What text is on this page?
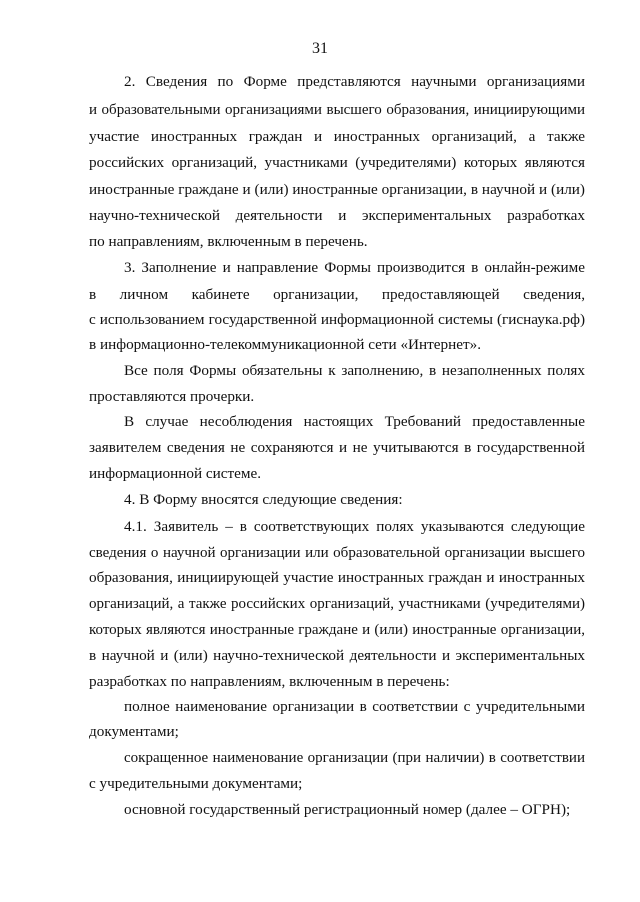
31
2. Сведения по Форме представляются научными организациями
и образовательными организациями высшего образования, инициирующими
участие иностранных граждан и иностранных организаций, а также
российских организаций, участниками (учредителями) которых являются
иностранные граждане и (или) иностранные организации, в научной и (или)
научно-технической деятельности и экспериментальных разработках
по направлениям, включенным в перечень.
3. Заполнение и направление Формы производится в онлайн-режиме
в личном кабинете организации, предоставляющей сведения,
с использованием государственной информационной системы (гиснаука.рф)
в информационно-телекоммуникационной сети «Интернет».
Все поля Формы обязательны к заполнению, в незаполненных полях
проставляются прочерки.
В случае несоблюдения настоящих Требований предоставленные
заявителем сведения не сохраняются и не учитываются в государственной
информационной системе.
4. В Форму вносятся следующие сведения:
4.1. Заявитель – в соответствующих полях указываются следующие
сведения о научной организации или образовательной организации высшего
образования, инициирующей участие иностранных граждан и иностранных
организаций, а также российских организаций, участниками (учредителями)
которых являются иностранные граждане и (или) иностранные организации,
в научной и (или) научно-технической деятельности и экспериментальных
разработках по направлениям, включенным в перечень:
полное наименование организации в соответствии с учредительными
документами;
сокращенное наименование организации (при наличии) в соответствии
с учредительными документами;
основной государственный регистрационный номер (далее – ОГРН);
